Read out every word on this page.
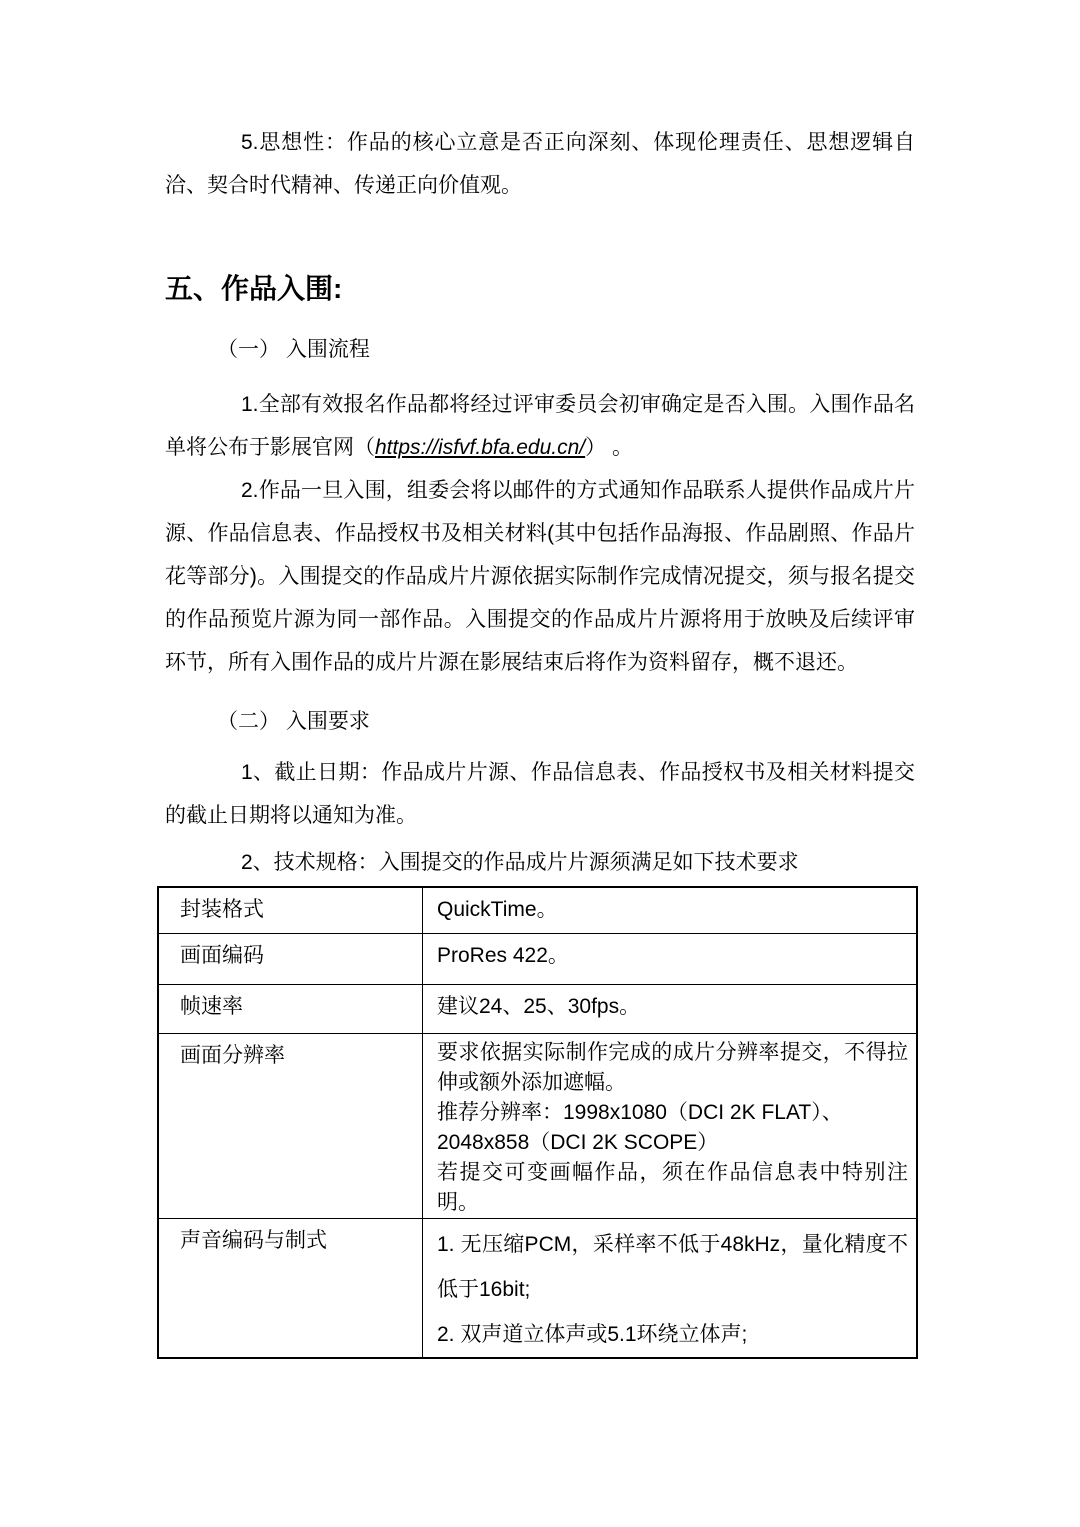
5.思想性：作品的核心立意是否正向深刻、体现伦理责任、思想逻辑自洽、契合时代精神、传递正向价值观。

五、作品入围:

（一） 入围流程

1.全部有效报名作品都将经过评审委员会初审确定是否入围。入围作品名单将公布于影展官网（https://isfvf.bfa.edu.cn/） 。

2.作品一旦入围，组委会将以邮件的方式通知作品联系人提供作品成片片源、作品信息表、作品授权书及相关材料(其中包括作品海报、作品剧照、作品片花等部分)。入围提交的作品成片片源依据实际制作完成情况提交，须与报名提交的作品预览片源为同一部作品。入围提交的作品成片片源将用于放映及后续评审环节，所有入围作品的成片片源在影展结束后将作为资料留存，概不退还。

（二） 入围要求

1、截止日期：作品成片片源、作品信息表、作品授权书及相关材料提交的截止日期将以通知为准。

2、技术规格：入围提交的作品成片片源须满足如下技术要求

封装格式	QuickTime。
画面编码	ProRes 422。
帧速率	建议24、25、30fps。
画面分辨率	要求依据实际制作完成的成片分辨率提交，不得拉伸或额外添加遮幅。
推荐分辨率：1998x1080（DCI 2K FLAT）、
2048x858（DCI 2K SCOPE）
若提交可变画幅作品，须在作品信息表中特别注明。

声音编码与制式	1. 无压缩PCM，采样率不低于48kHz，量化精度不低于16bit;
2. 双声道立体声或5.1环绕立体声;
